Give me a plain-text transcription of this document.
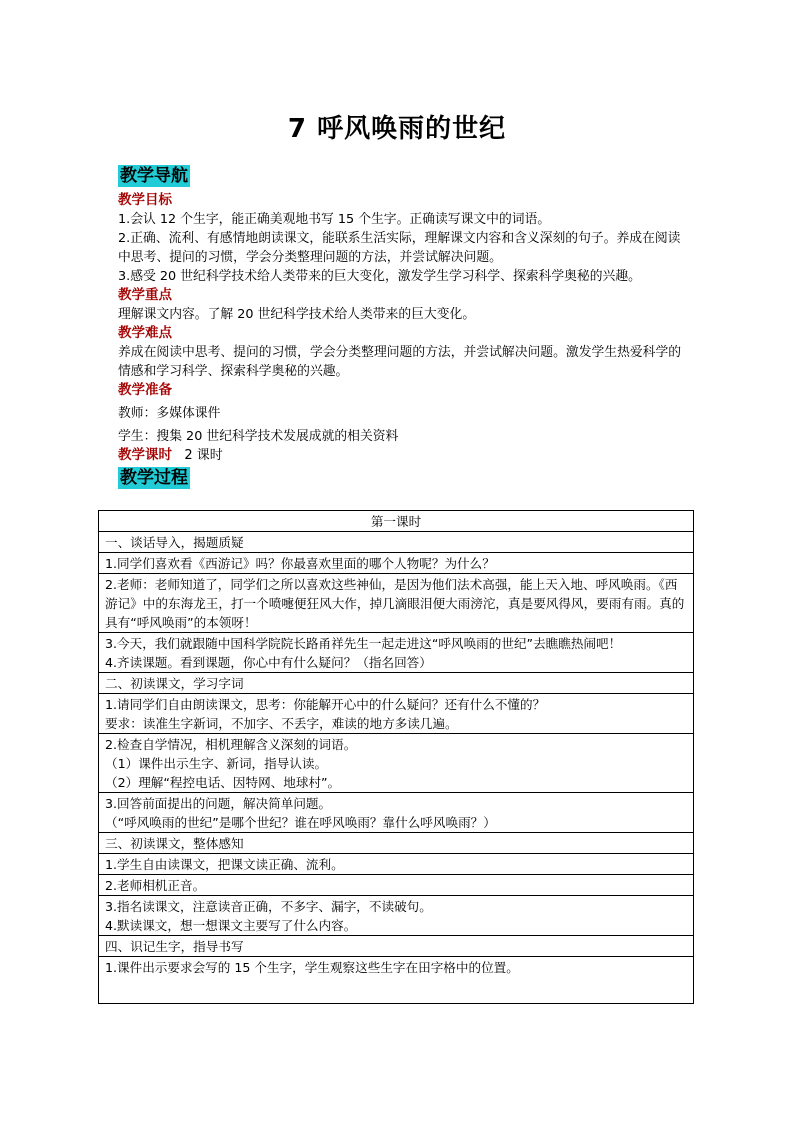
7 呼风唤雨的世纪
教学导航

教学目标

1.会认 12 个生字，能正确美观地书写 15 个生字。正确读写课文中的词语。

2.正确、流利、有感情地朗读课文，能联系生活实际，理解课文内容和含义深刻的句子。养成在阅读中思考、提问的习惯，学会分类整理问题的方法，并尝试解决问题。

3.感受 20 世纪科学技术给人类带来的巨大变化，激发学生学习科学、探索科学奥秘的兴趣。

教学重点

理解课文内容。了解 20 世纪科学技术给人类带来的巨大变化。

教学难点

养成在阅读中思考、提问的习惯，学会分类整理问题的方法，并尝试解决问题。激发学生热爱科学的情感和学习科学、探索科学奥秘的兴趣。

教学准备

教师：多媒体课件

学生：搜集 20 世纪科学技术发展成就的相关资料

教学课时 2 课时

教学过程
第一课时
一、谈话导入，揭题质疑
1.同学们喜欢看《西游记》吗？你最喜欢里面的哪个人物呢？为什么？
2.老师：老师知道了，同学们之所以喜欢这些神仙，是因为他们法术高强，能上天入地、呼风唤雨。《西游记》中的东海龙王，打一个喷嚏便狂风大作，掉几滴眼泪便大雨滂沱，真是要风得风，要雨有雨。真的具有“呼风唤雨”的本领呀！
3.今天，我们就跟随中国科学院院长路甬祥先生一起走进这“呼风唤雨的世纪”去瞧瞧热闹吧！
4.齐读课题。看到课题，你心中有什么疑问？（指名回答）
二、初读课文，学习字词
1.请同学们自由朗读课文，思考：你能解开心中的什么疑问？还有什么不懂的？
要求：读准生字新词，不加字、不丢字，难读的地方多读几遍。
2.检查自学情况，相机理解含义深刻的词语。
（1）课件出示生字、新词，指导认读。
（2）理解“程控电话、因特网、地球村”。
3.回答前面提出的问题，解决简单问题。
（“呼风唤雨的世纪”是哪个世纪？谁在呼风唤雨？靠什么呼风唤雨？）
三、初读课文，整体感知
1.学生自由读课文，把课文读正确、流利。
2.老师相机正音。
3.指名读课文，注意读音正确，不多字、漏字，不读破句。
4.默读课文，想一想课文主要写了什么内容。
四、识记生字，指导书写
1.课件出示要求会写的 15 个生字，学生观察这些生字在田字格中的位置。
